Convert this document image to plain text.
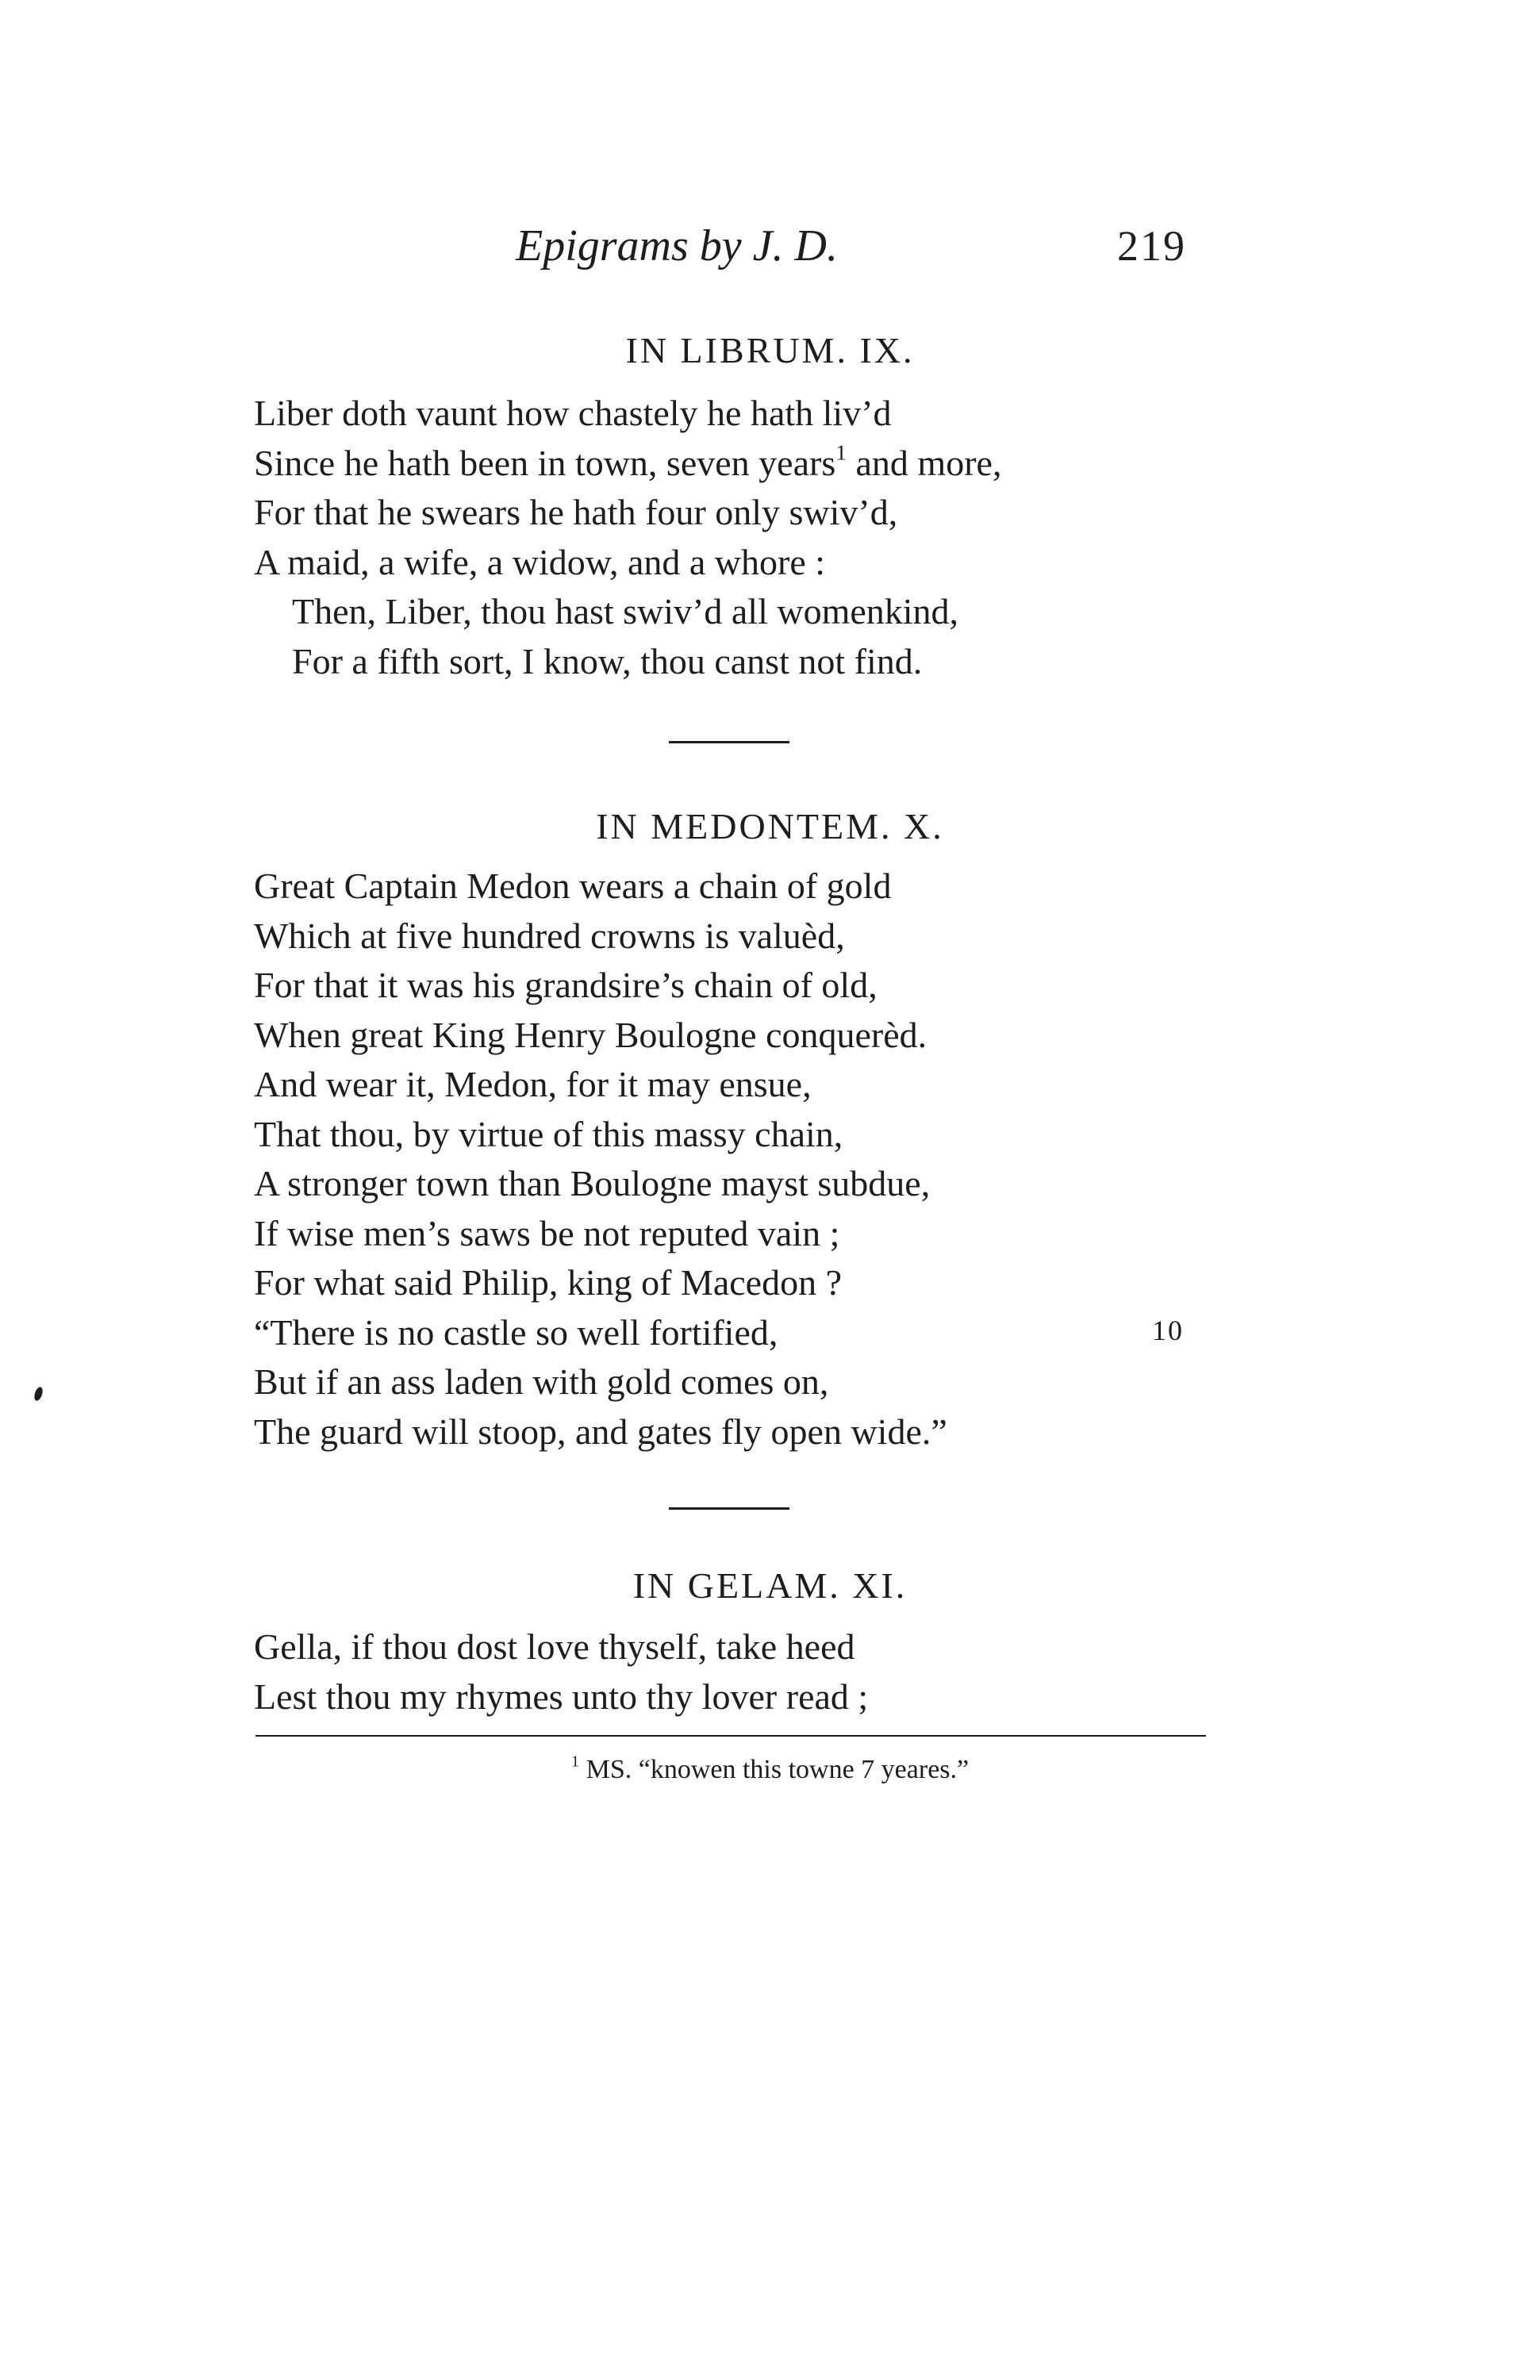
Epigrams by J. D.	219
IN LIBRUM. IX.
Liber doth vaunt how chastely he hath liv’d
Since he hath been in town, seven years$^1$ and more,
For that he swears he hath four only swiv’d,
A maid, a wife, a widow, and a whore :
Then, Liber, thou hast swiv’d all womenkind,
For a fifth sort, I know, thou canst not find.
IN MEDONTEM. X.
Great Captain Medon wears a chain of gold
Which at five hundred crowns is valuèd,
For that it was his grandsire’s chain of old,
When great King Henry Boulogne conquerèd.
And wear it, Medon, for it may ensue,
That thou, by virtue of this massy chain,
A stronger town than Boulogne mayst subdue,
If wise men’s saws be not reputed vain ;
For what said Philip, king of Macedon ?
“There is no castle so well fortified,
But if an ass laden with gold comes on,
The guard will stoop, and gates fly open wide.”
10
IN GELAM. XI.
Gella, if thou dost love thyself, take heed
Lest thou my rhymes unto thy lover read ;
$^1$ MS. “knowen this towne 7 yeares.”
